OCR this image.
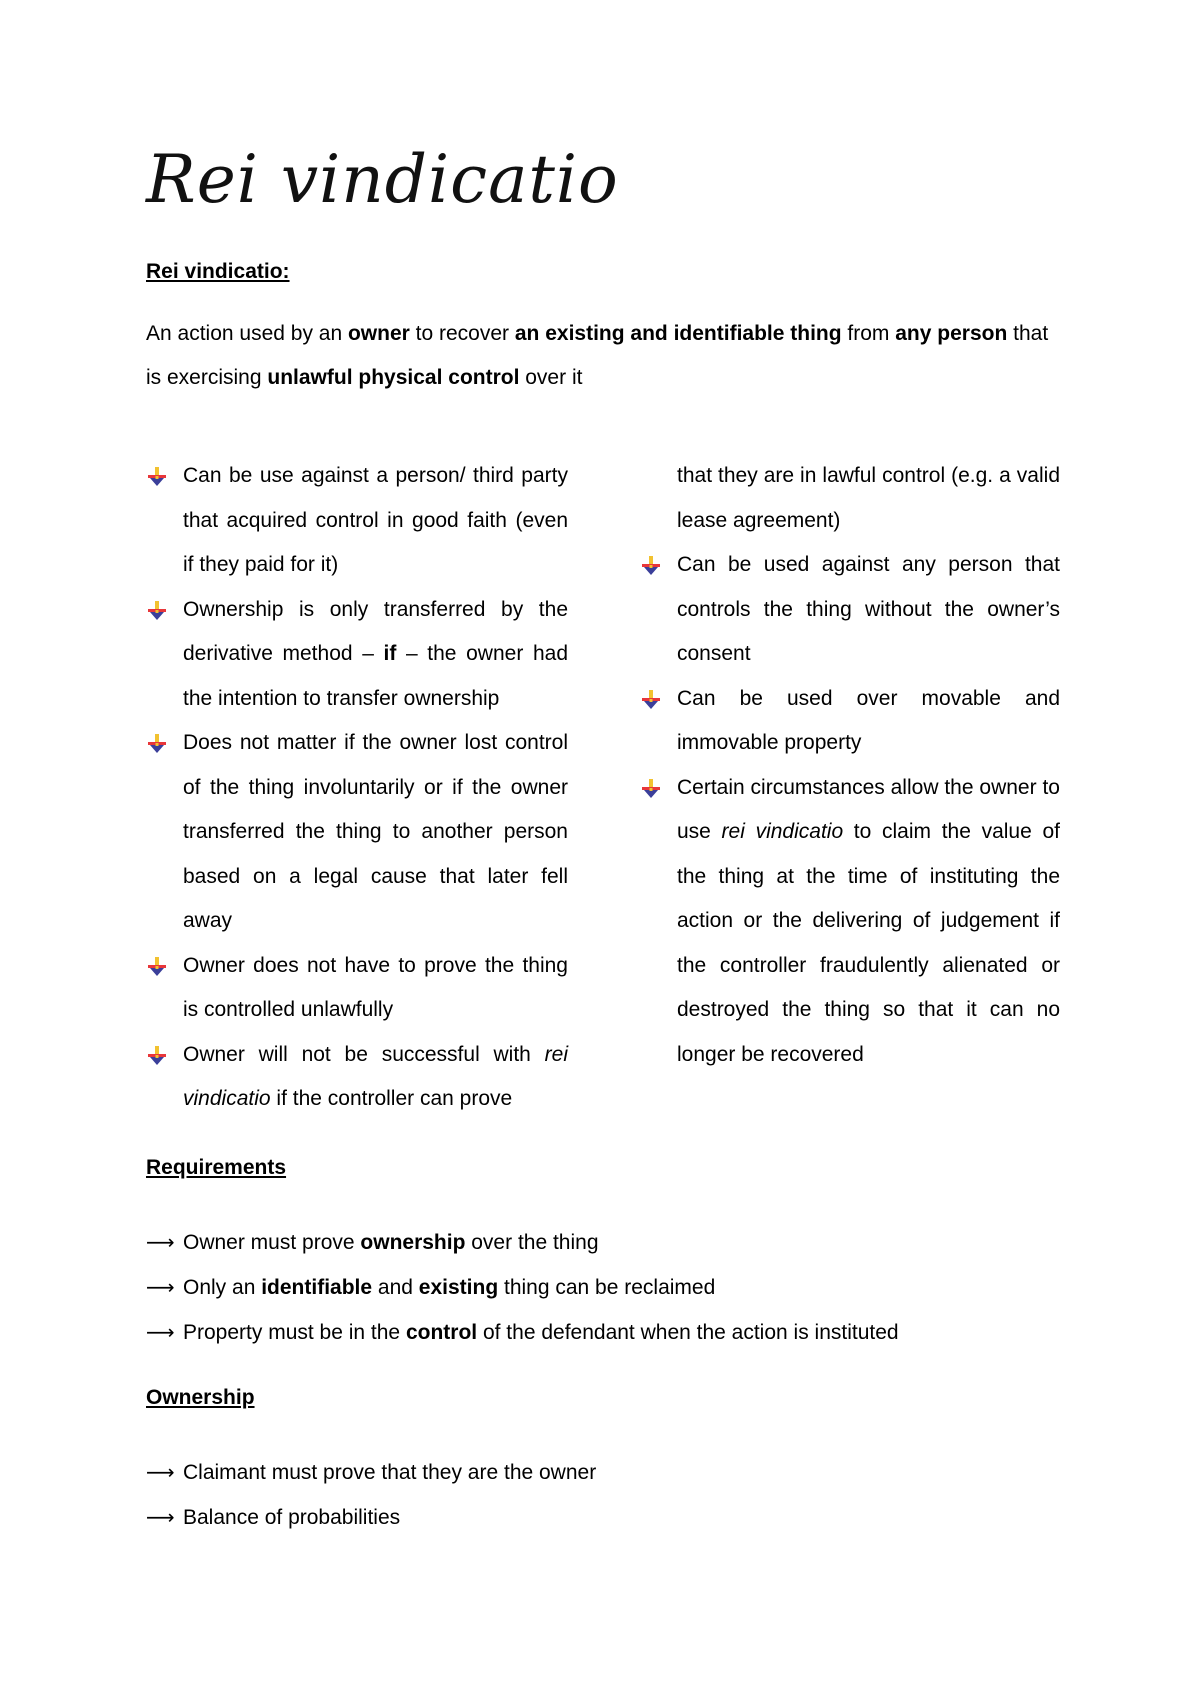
Rei vindicatio
Rei vindicatio:

An action used by an owner to recover an existing and identifiable thing from any person that is exercising unlawful physical control over it

Can be use against a person/ third party that acquired control in good faith (even if they paid for it)
Ownership is only transferred by the derivative method – if – the owner had the intention to transfer ownership
Does not matter if the owner lost control of the thing involuntarily or if the owner transferred the thing to another person based on a legal cause that later fell away
Owner does not have to prove the thing is controlled unlawfully
Owner will not be successful with rei vindicatio if the controller can prove
that they are in lawful control (e.g. a valid lease agreement)
Can be used against any person that controls the thing without the owner’s consent
Can be used over movable and immovable property
Certain circumstances allow the owner to use rei vindicatio to claim the value of the thing at the time of instituting the action or the delivering of judgement if the controller fraudulently alienated or destroyed the thing so that it can no longer be recovered
Requirements
⟶ Owner must prove ownership over the thing
⟶ Only an identifiable and existing thing can be reclaimed
⟶ Property must be in the control of the defendant when the action is instituted
Ownership
⟶ Claimant must prove that they are the owner
⟶ Balance of probabilities
